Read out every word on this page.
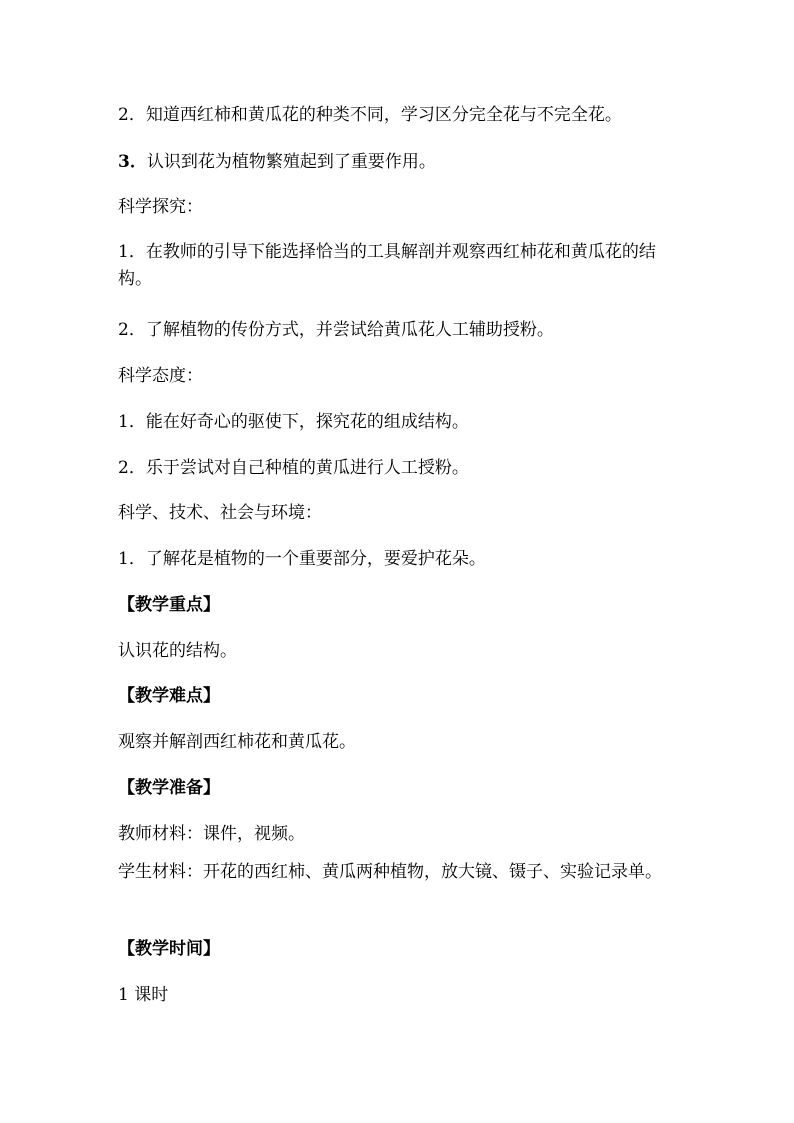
2．知道西红柿和黄瓜花的种类不同，学习区分完全花与不完全花。
3．认识到花为植物繁殖起到了重要作用。
科学探究：
1．在教师的引导下能选择恰当的工具解剖并观察西红柿花和黄瓜花的结构。
2．了解植物的传份方式，并尝试给黄瓜花人工辅助授粉。
科学态度：
1．能在好奇心的驱使下，探究花的组成结构。
2．乐于尝试对自己种植的黄瓜进行人工授粉。
科学、技术、社会与环境：
1．了解花是植物的一个重要部分，要爱护花朵。
【教学重点】
认识花的结构。
【教学难点】
观察并解剖西红柿花和黄瓜花。
【教学准备】
教师材料：课件，视频。
学生材料：开花的西红柿、黄瓜两种植物，放大镜、镊子、实验记录单。
【教学时间】
1 课时
